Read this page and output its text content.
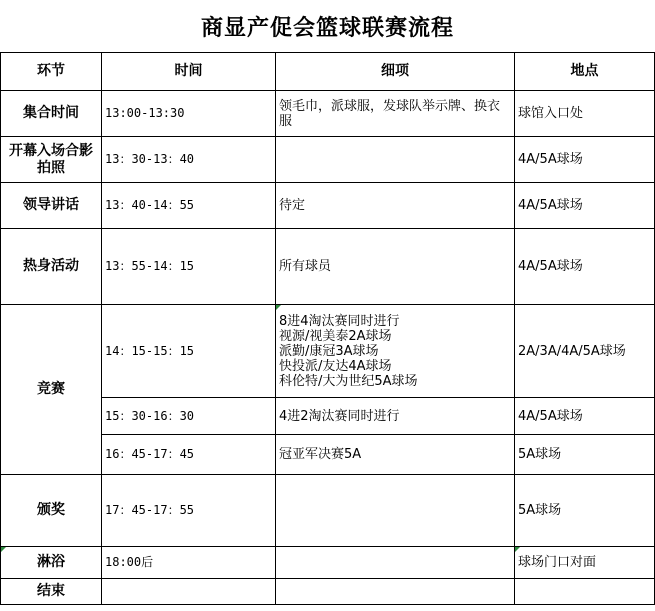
商显产促会篮球联赛流程
环节	时间	细项	地点
集合时间	13:00-13:30	领毛巾，派球服，发球队举示牌、换衣服	球馆入口处
开幕入场合影拍照	13：30-13：40		4A/5A球场
领导讲话	13：40-14：55	待定	4A/5A球场
热身活动	13：55-14：15	所有球员	4A/5A球场
竞赛	14：15-15：15	8进4淘汰赛同时进行
视源/视美泰2A球场
派勤/康冠3A球场
快投派/友达4A球场
科伦特/大为世纪5A球场	2A/3A/4A/5A球场
	15：30-16：30	4进2淘汰赛同时进行	4A/5A球场
	16：45-17：45	冠亚军决赛5A	5A球场
颁奖	17：45-17：55		5A球场

淋浴	18:00后		球场门口对面
结束			
